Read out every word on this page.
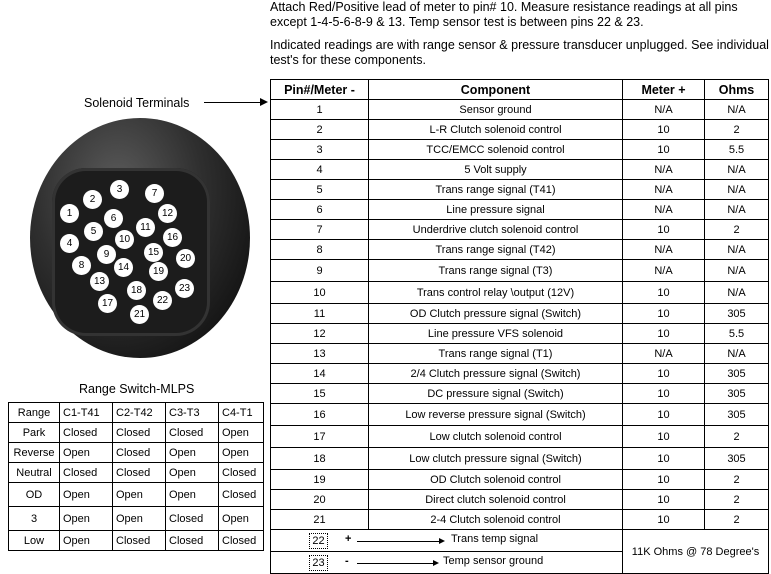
Attach Red/Positive lead of meter to pin# 10. Measure resistance readings at all pins except 1-4-5-6-8-9 & 13. Temp sensor test is between pins 22 & 23.

Indicated readings are with range sensor & pressure transducer unplugged. See individual test's for these components.

Solenoid Terminals
1
2
3
4
5
6
7
8
9
10
11
12
13
14
15
16
17
18
19
20
21
22
23
Pin#/Meter -	Component	Meter +	Ohms
1	Sensor ground	N/A	N/A
2	L-R Clutch solenoid control	10	2
3	TCC/EMCC solenoid control	10	5.5
4	5 Volt supply	N/A	N/A
5	Trans range signal (T41)	N/A	N/A
6	Line pressure signal	N/A	N/A
7	Underdrive clutch solenoid control	10	2
8	Trans range signal (T42)	N/A	N/A
9	Trans range signal (T3)	N/A	N/A
10	Trans control relay \output (12V)	10	N/A
11	OD Clutch pressure signal (Switch)	10	305
12	Line pressure VFS solenoid	10	5.5
13	Trans range signal (T1)	N/A	N/A
14	2/4 Clutch pressure signal (Switch)	10	305
15	DC pressure signal (Switch)	10	305
16	Low reverse pressure signal (Switch)	10	305
17	Low clutch solenoid control	10	2
18	Low clutch pressure signal (Switch)	10	305
19	OD Clutch solenoid control	10	2
20	Direct clutch solenoid control	10	2
21	2-4 Clutch solenoid control	10	2

22 + Trans temp signal		11K Ohms @ 78 Degree's	

23 - Temp sensor ground			
Range Switch-MLPS
Range	C1-T41	C2-T42	C3-T3	C4-T1
Park	Closed	Closed	Closed	Open
Reverse	Open	Closed	Open	Open
Neutral	Closed	Closed	Open	Closed
OD	Open	Open	Open	Closed
3	Open	Open	Closed	Open
Low	Open	Closed	Closed	Closed
